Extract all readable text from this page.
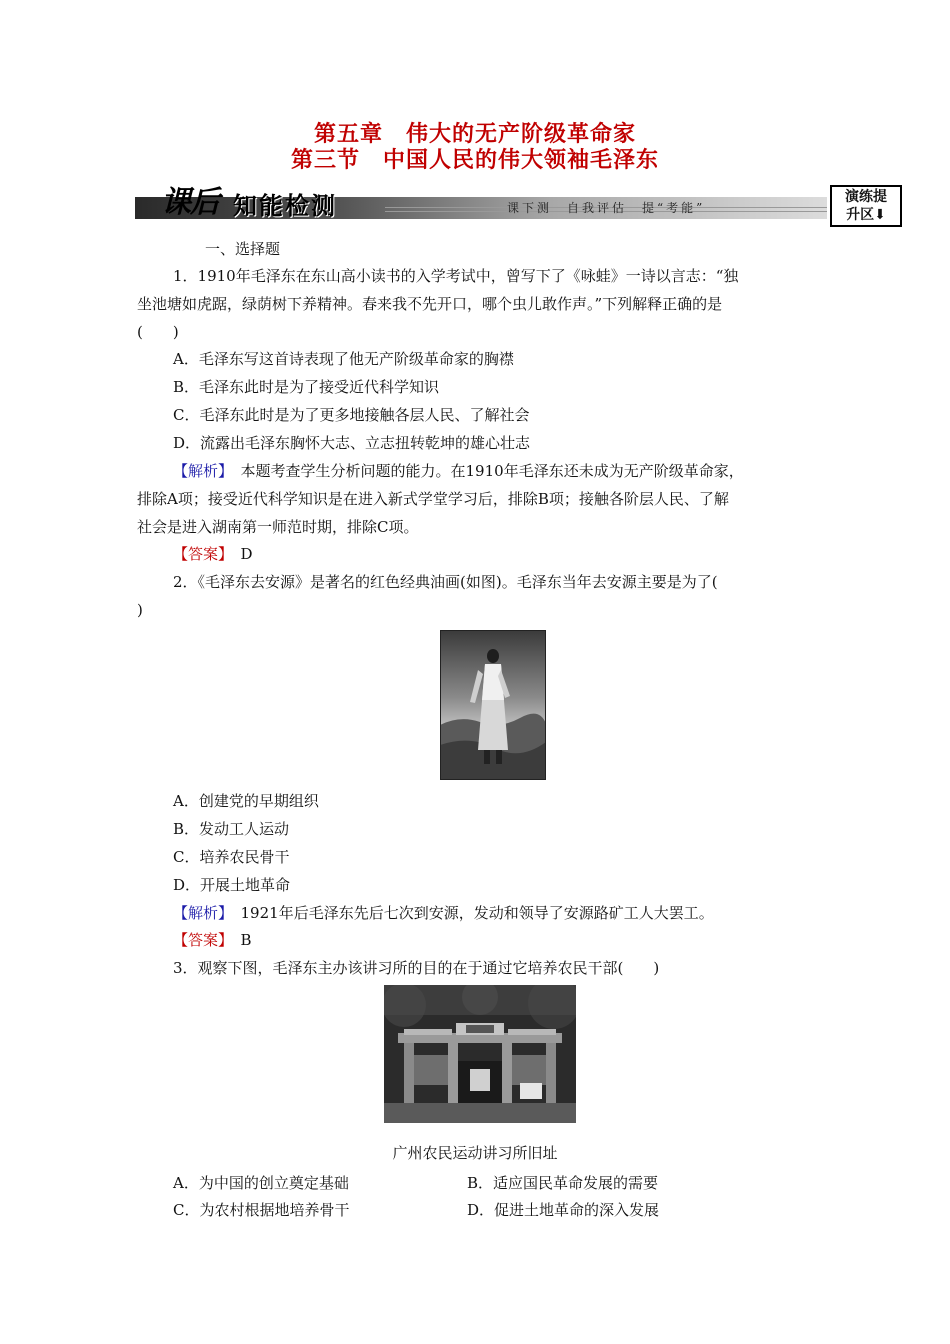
第五章　伟大的无产阶级革命家
第三节　中国人民的伟大领袖毛泽东
课后 知能检测	课下测　自我评估　提“考能”
演练提
升区⬇
一、选择题
1．1910年毛泽东在东山高小读书的入学考试中，曾写下了《咏蛙》一诗以言志：“独
坐池塘如虎踞，绿荫树下养精神。春来我不先开口，哪个虫儿敢作声。”下列解释正确的是
(　　)
A．毛泽东写这首诗表现了他无产阶级革命家的胸襟
B．毛泽东此时是为了接受近代科学知识
C．毛泽东此时是为了更多地接触各层人民、了解社会
D．流露出毛泽东胸怀大志、立志扭转乾坤的雄心壮志
【解析】　本题考查学生分析问题的能力。在1910年毛泽东还未成为无产阶级革命家，
排除A项；接受近代科学知识是在进入新式学堂学习后，排除B项；接触各阶层人民、了解
社会是进入湖南第一师范时期，排除C项。
【答案】　D
2．《毛泽东去安源》是著名的红色经典油画(如图)。毛泽东当年去安源主要是为了(
)
A．创建党的早期组织
B．发动工人运动
C．培养农民骨干
D．开展土地革命
【解析】　1921年后毛泽东先后七次到安源，发动和领导了安源路矿工人大罢工。
【答案】　B
3．观察下图，毛泽东主办该讲习所的目的在于通过它培养农民干部(　　)
广州农民运动讲习所旧址
A．为中国的创立奠定基础	B．适应国民革命发展的需要
C．为农村根据地培养骨干	D．促进土地革命的深入发展
